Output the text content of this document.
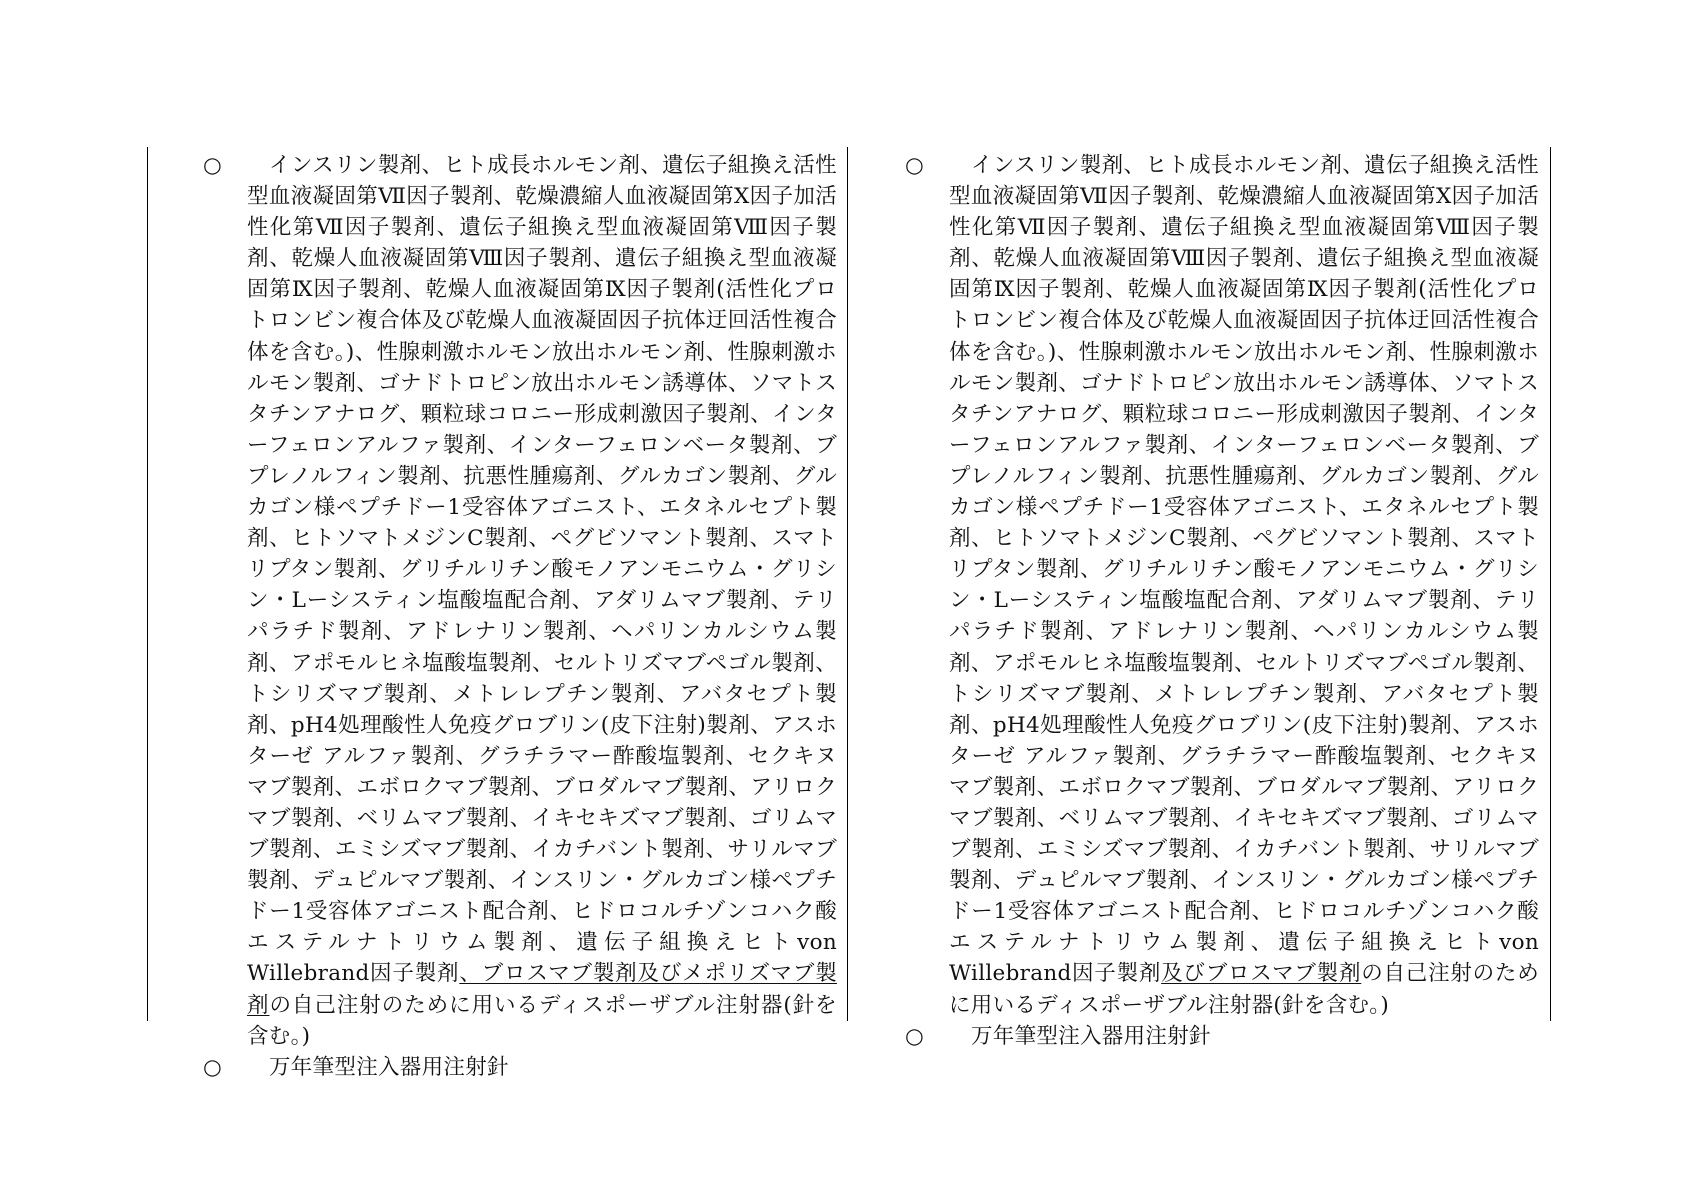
○	インスリン製剤、ヒト成長ホルモン剤、遺伝子組換え活性型血液凝固第Ⅶ因子製剤、乾燥濃縮人血液凝固第Ⅹ因子加活性化第Ⅶ因子製剤、遺伝子組換え型血液凝固第Ⅷ因子製剤、乾燥人血液凝固第Ⅷ因子製剤、遺伝子組換え型血液凝固第Ⅸ因子製剤、乾燥人血液凝固第Ⅸ因子製剤(活性化プロトロンビン複合体及び乾燥人血液凝固因子抗体迂回活性複合体を含む。)、性腺刺激ホルモン放出ホルモン剤、性腺刺激ホルモン製剤、ゴナドトロピン放出ホルモン誘導体、ソマトスタチンアナログ、顆粒球コロニー形成刺激因子製剤、インターフェロンアルファ製剤、インターフェロンベータ製剤、ブプレノルフィン製剤、抗悪性腫瘍剤、グルカゴン製剤、グルカゴン様ペプチドー1受容体アゴニスト、エタネルセプト製剤、ヒトソマトメジンC製剤、ペグビソマント製剤、スマトリプタン製剤、グリチルリチン酸モノアンモニウム・グリシン・Lーシスティン塩酸塩配合剤、アダリムマブ製剤、テリパラチド製剤、アドレナリン製剤、ヘパリンカルシウム製剤、アポモルヒネ塩酸塩製剤、セルトリズマブペゴル製剤、トシリズマブ製剤、メトレレプチン製剤、アバタセプト製剤、pH4処理酸性人免疫グロブリン(皮下注射)製剤、アスホターゼ アルファ製剤、グラチラマー酢酸塩製剤、セクキヌマブ製剤、エボロクマブ製剤、ブロダルマブ製剤、アリロクマブ製剤、ベリムマブ製剤、イキセキズマブ製剤、ゴリムマブ製剤、エミシズマブ製剤、イカチバント製剤、サリルマブ製剤、デュピルマブ製剤、インスリン・グルカゴン様ペプチドー1受容体アゴニスト配合剤、ヒドロコルチゾンコハク酸エステルナトリウム製剤、遺伝子組換えヒトvon Willebrand因子製剤、ブロスマブ製剤及びメポリズマブ製剤の自己注射のために用いるディスポーザブル注射器(針を含む。)
○	万年筆型注入器用注射針
○	インスリン製剤、ヒト成長ホルモン剤、遺伝子組換え活性型血液凝固第Ⅶ因子製剤、乾燥濃縮人血液凝固第Ⅹ因子加活性化第Ⅶ因子製剤、遺伝子組換え型血液凝固第Ⅷ因子製剤、乾燥人血液凝固第Ⅷ因子製剤、遺伝子組換え型血液凝固第Ⅸ因子製剤、乾燥人血液凝固第Ⅸ因子製剤(活性化プロトロンビン複合体及び乾燥人血液凝固因子抗体迂回活性複合体を含む。)、性腺刺激ホルモン放出ホルモン剤、性腺刺激ホルモン製剤、ゴナドトロピン放出ホルモン誘導体、ソマトスタチンアナログ、顆粒球コロニー形成刺激因子製剤、インターフェロンアルファ製剤、インターフェロンベータ製剤、ブプレノルフィン製剤、抗悪性腫瘍剤、グルカゴン製剤、グルカゴン様ペプチドー1受容体アゴニスト、エタネルセプト製剤、ヒトソマトメジンC製剤、ペグビソマント製剤、スマトリプタン製剤、グリチルリチン酸モノアンモニウム・グリシン・Lーシスティン塩酸塩配合剤、アダリムマブ製剤、テリパラチド製剤、アドレナリン製剤、ヘパリンカルシウム製剤、アポモルヒネ塩酸塩製剤、セルトリズマブペゴル製剤、トシリズマブ製剤、メトレレプチン製剤、アバタセプト製剤、pH4処理酸性人免疫グロブリン(皮下注射)製剤、アスホターゼ アルファ製剤、グラチラマー酢酸塩製剤、セクキヌマブ製剤、エボロクマブ製剤、ブロダルマブ製剤、アリロクマブ製剤、ベリムマブ製剤、イキセキズマブ製剤、ゴリムマブ製剤、エミシズマブ製剤、イカチバント製剤、サリルマブ製剤、デュピルマブ製剤、インスリン・グルカゴン様ペプチドー1受容体アゴニスト配合剤、ヒドロコルチゾンコハク酸エステルナトリウム製剤、遺伝子組換えヒトvon Willebrand因子製剤及びブロスマブ製剤の自己注射のために用いるディスポーザブル注射器(針を含む。)
○	万年筆型注入器用注射針
